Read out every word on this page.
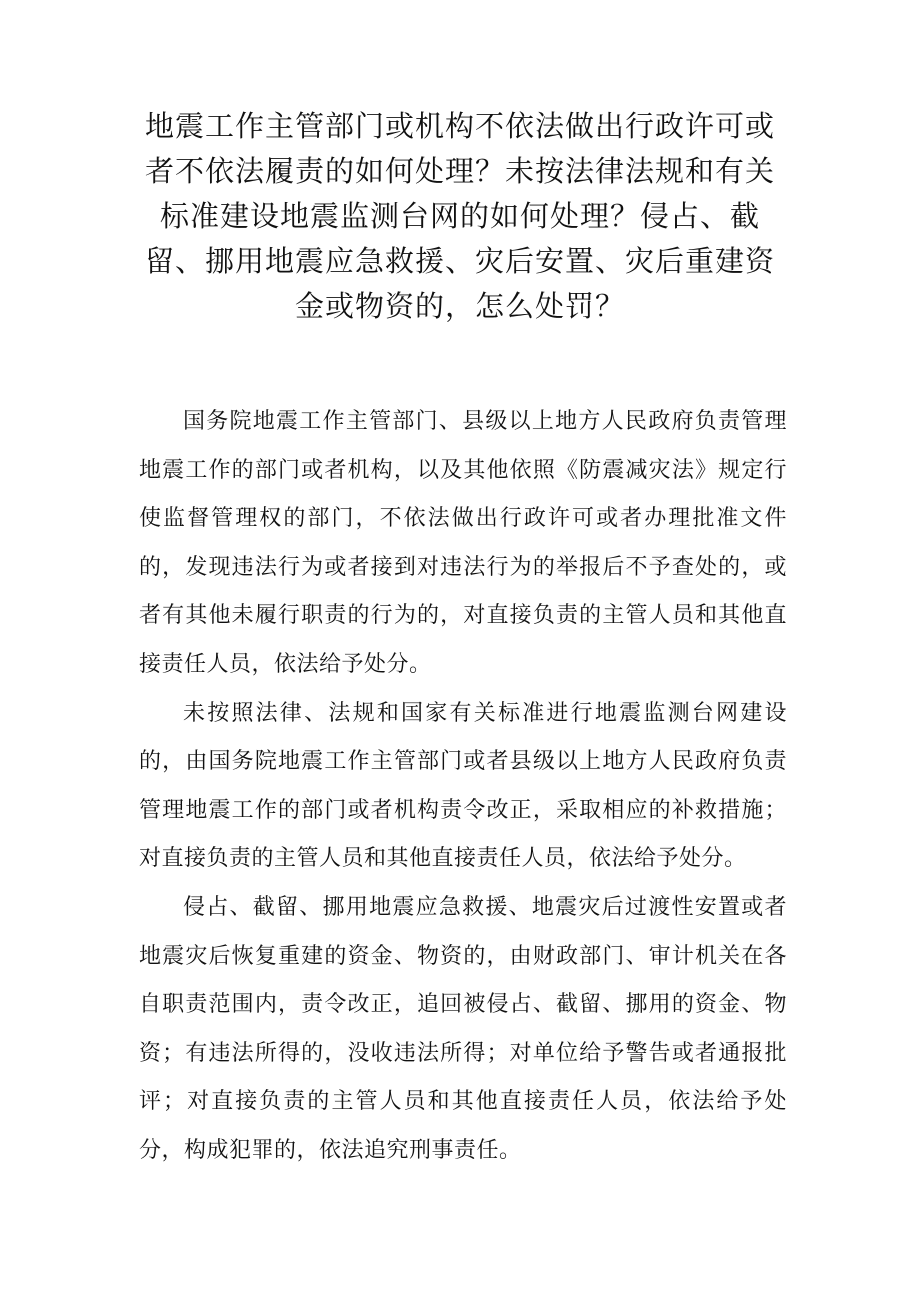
地震工作主管部门或机构不依法做出行政许可或者不依法履责的如何处理？未按法律法规和有关标准建设地震监测台网的如何处理？侵占、截留、挪用地震应急救援、灾后安置、灾后重建资金或物资的，怎么处罚？

国务院地震工作主管部门、县级以上地方人民政府负责管理地震工作的部门或者机构，以及其他依照《防震减灾法》规定行使监督管理权的部门，不依法做出行政许可或者办理批准文件的，发现违法行为或者接到对违法行为的举报后不予查处的，或者有其他未履行职责的行为的，对直接负责的主管人员和其他直接责任人员，依法给予处分。

未按照法律、法规和国家有关标准进行地震监测台网建设的，由国务院地震工作主管部门或者县级以上地方人民政府负责管理地震工作的部门或者机构责令改正，采取相应的补救措施；对直接负责的主管人员和其他直接责任人员，依法给予处分。

侵占、截留、挪用地震应急救援、地震灾后过渡性安置或者地震灾后恢复重建的资金、物资的，由财政部门、审计机关在各自职责范围内，责令改正，追回被侵占、截留、挪用的资金、物资；有违法所得的，没收违法所得；对单位给予警告或者通报批评；对直接负责的主管人员和其他直接责任人员，依法给予处分，构成犯罪的，依法追究刑事责任。
